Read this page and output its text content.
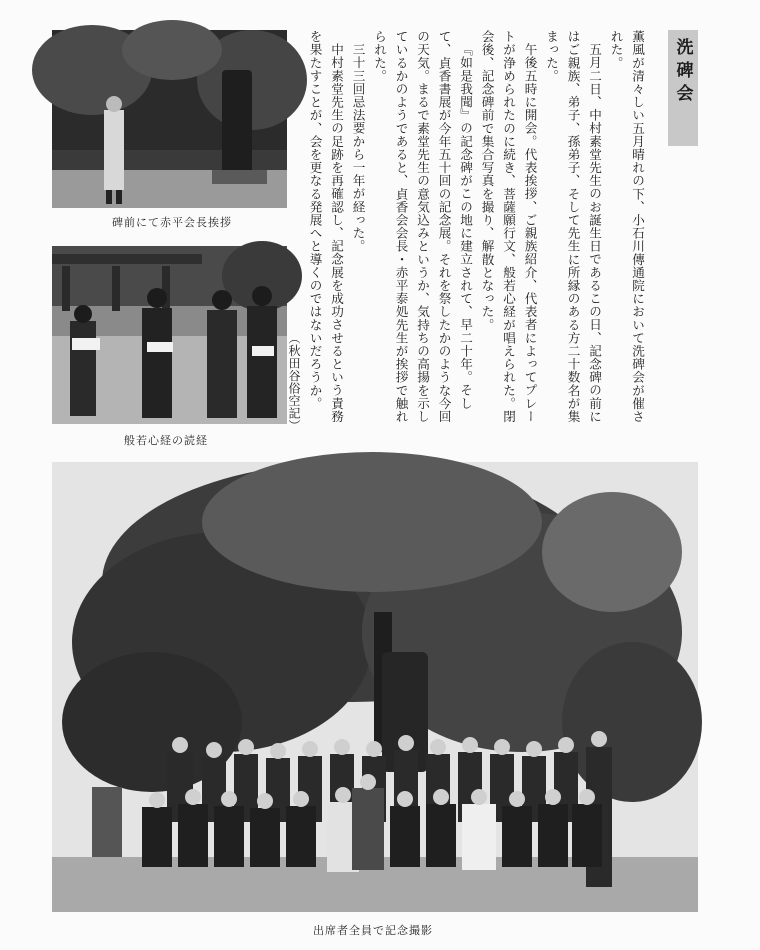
洗碑会

薫風が清々しい五月晴れの下、小石川傳通院において洗碑会が催された。

五月二日、中村素堂先生のお誕生日であるこの日、記念碑の前にはご親族、弟子、孫弟子、そして先生に所縁のある方二十数名が集まった。

午後五時に開会。代表挨拶、ご親族紹介、代表者によってプレートが浄められたのに続き、菩薩願行文、般若心経が唱えられた。閉会後、記念碑前で集合写真を撮り、解散となった。

『如是我聞』の記念碑がこの地に建立されて、早二十年。そして、貞香書展が今年五十回の記念展。それを祭したかのような今回の天気。まるで素堂先生の意気込みというか、気持ちの高揚を示しているかのようであると、貞香会会長・赤平泰処先生が挨拶で触れられた。

三十三回忌法要から一年が経った。

中村素堂先生の足跡を再確認し、記念展を成功させるという責務を果たすことが、会を更なる発展へと導くのではないだろうか。

（秋田谷俗空記）

碑前にて赤平会長挨拶
般若心経の読経
出席者全員で記念撮影
